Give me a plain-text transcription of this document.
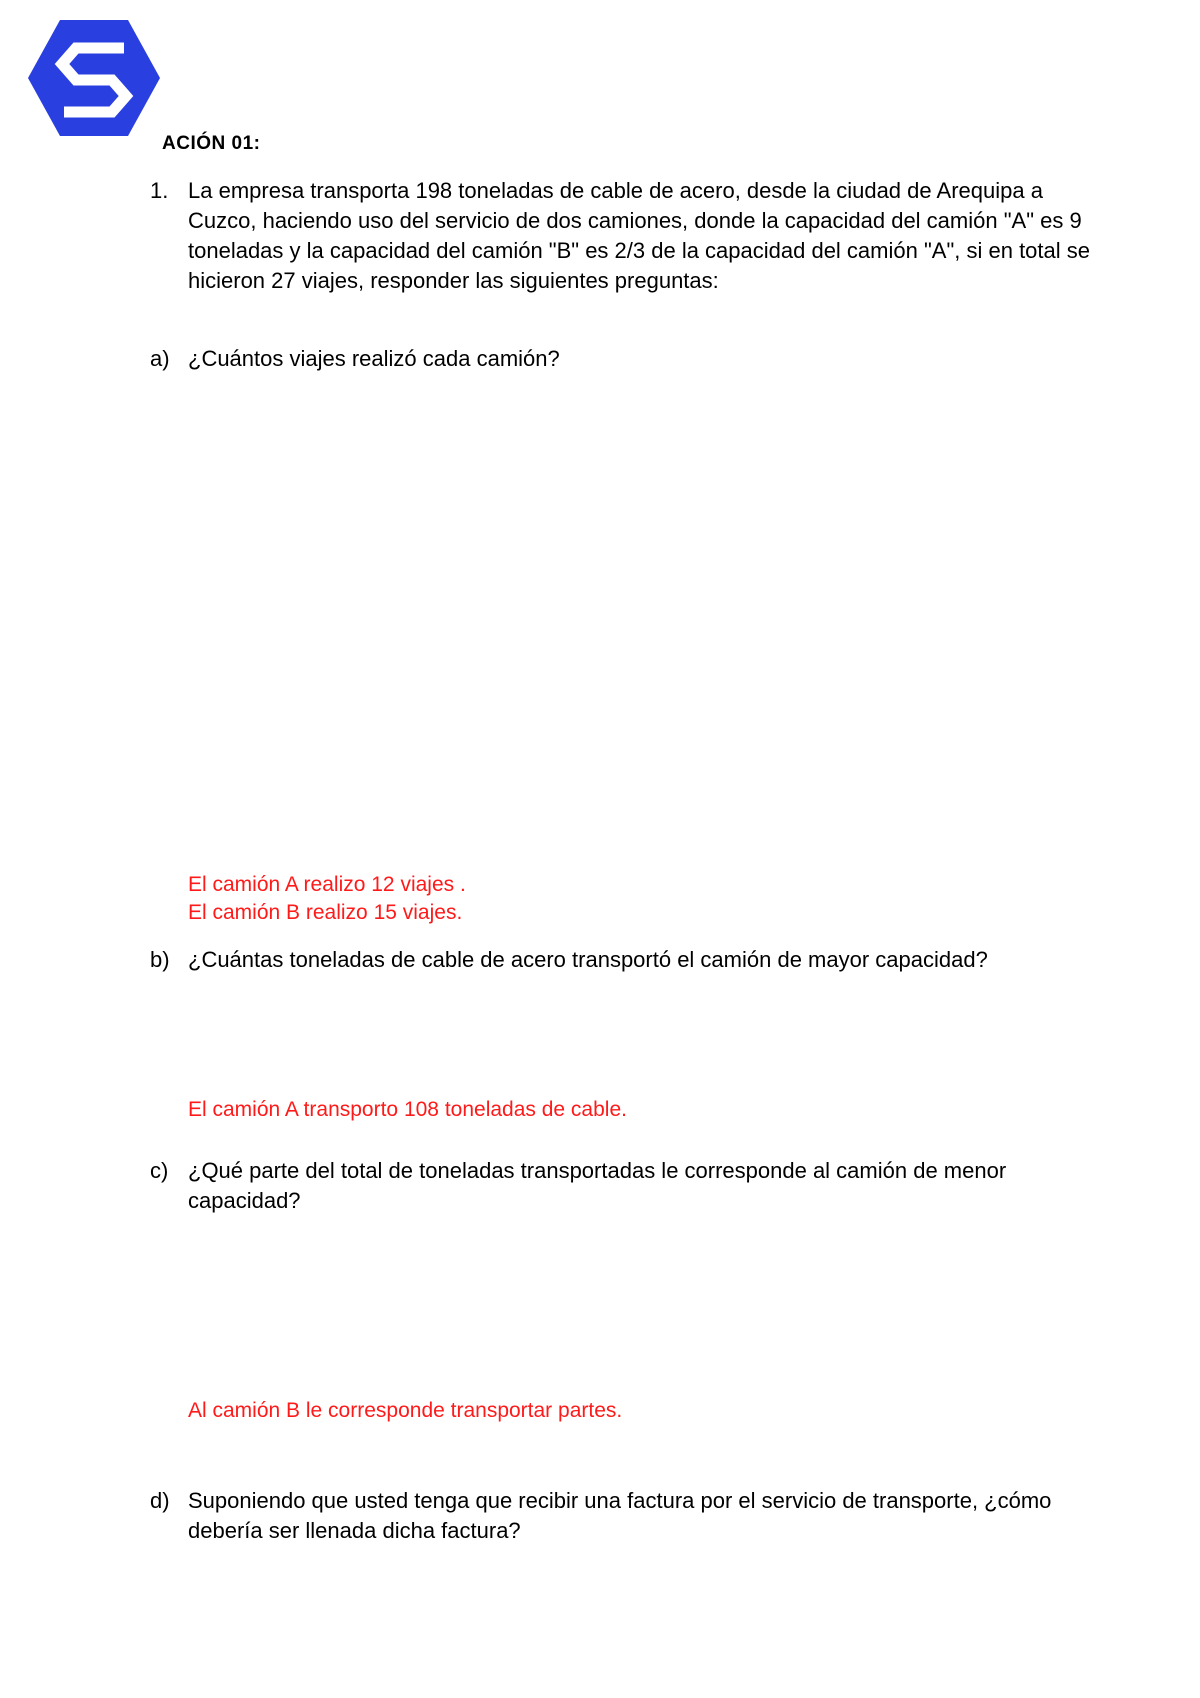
ACIÓN 01:
1. La empresa transporta 198 toneladas de cable de acero, desde la ciudad de Arequipa a Cuzco, haciendo uso del servicio de dos camiones, donde la capacidad del camión "A" es 9 toneladas y la capacidad del camión "B" es 2/3 de la capacidad del camión "A", si en total se hicieron 27 viajes, responder las siguientes preguntas:
a) ¿Cuántos viajes realizó cada camión?
El camión A realizo 12 viajes .
El camión B realizo 15 viajes.
b) ¿Cuántas toneladas de cable de acero transportó el camión de mayor capacidad?
El camión A transporto 108 toneladas de cable.
c) ¿Qué parte del total de toneladas transportadas le corresponde al camión de menor capacidad?
Al camión B le corresponde transportar partes.
d) Suponiendo que usted tenga que recibir una factura por el servicio de transporte, ¿cómo debería ser llenada dicha factura?
